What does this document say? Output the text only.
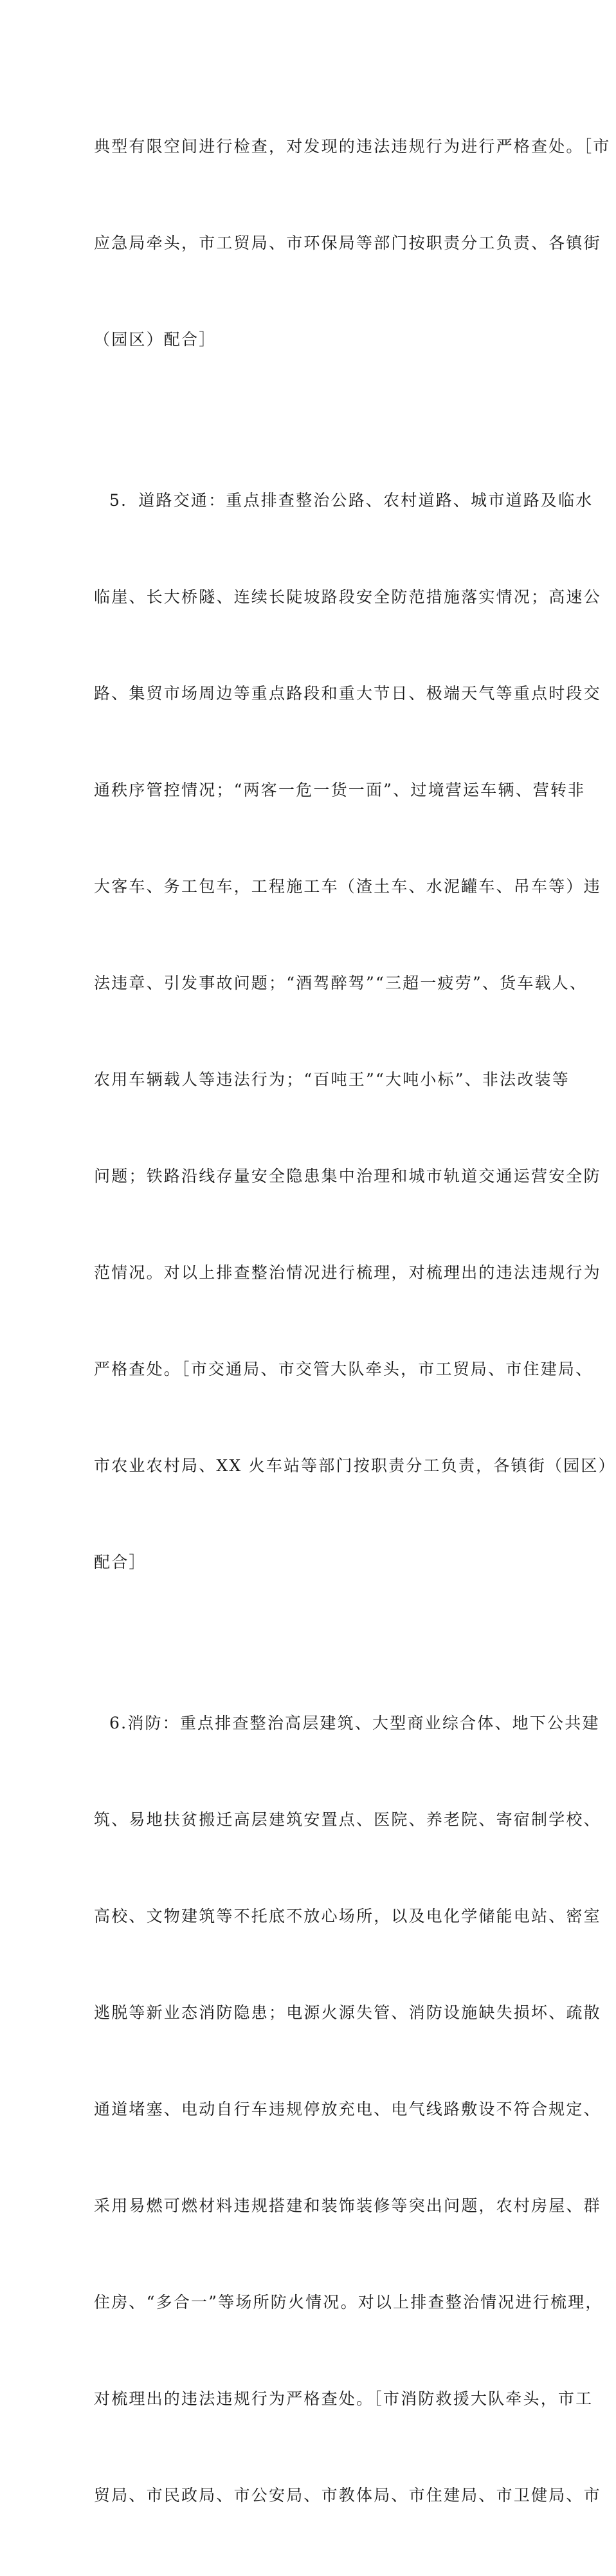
典型有限空间进行检查，对发现的违法违规行为进行严格查处。［市

应急局牵头，市工贸局、市环保局等部门按职责分工负责、各镇街

（园区）配合］

5．道路交通：重点排查整治公路、农村道路、城市道路及临水

临崖、长大桥隧、连续长陡坡路段安全防范措施落实情况；高速公

路、集贸市场周边等重点路段和重大节日、极端天气等重点时段交

通秩序管控情况；“两客一危一货一面”、过境营运车辆、营转非

大客车、务工包车，工程施工车（渣土车、水泥罐车、吊车等）违

法违章、引发事故问题；“酒驾醉驾”“三超一疲劳”、货车载人、

农用车辆载人等违法行为；“百吨王”“大吨小标”、非法改装等

问题；铁路沿线存量安全隐患集中治理和城市轨道交通运营安全防

范情况。对以上排查整治情况进行梳理，对梳理出的违法违规行为

严格查处。［市交通局、市交管大队牵头，市工贸局、市住建局、

市农业农村局、XX 火车站等部门按职责分工负责，各镇街（园区）

配合］

6.消防：重点排查整治高层建筑、大型商业综合体、地下公共建

筑、易地扶贫搬迁高层建筑安置点、医院、养老院、寄宿制学校、

高校、文物建筑等不托底不放心场所，以及电化学储能电站、密室

逃脱等新业态消防隐患；电源火源失管、消防设施缺失损坏、疏散

通道堵塞、电动自行车违规停放充电、电气线路敷设不符合规定、

采用易燃可燃材料违规搭建和装饰装修等突出问题，农村房屋、群

住房、“多合一”等场所防火情况。对以上排查整治情况进行梳理，

对梳理出的违法违规行为严格查处。［市消防救援大队牵头，市工

贸局、市民政局、市公安局、市教体局、市住建局、市卫健局、市
